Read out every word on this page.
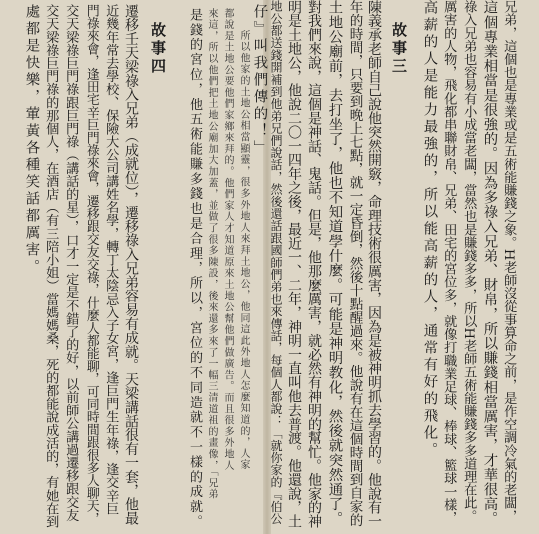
兄弟，這個也是專業或是五術能賺錢之象。H老師沒從事算命之前，是作空調冷氣的老闆，
這個專業相當是很強的。因為多祿入兄弟、財帛，所以賺錢相當厲害，才華很高。
祿入兄弟也容易有小成當老闆，當然也是賺錢多多，所以H老師五術能賺錢多多道理在此。
厲害的人物，飛化都串聯財帛、兄弟、田宅的宮位多，就像打職業足球、棒球、籃球一樣，
高薪的人是能力最強的，所以能高薪的人，通常有好的飛化。
故事三
陳義承老師自己說他突然開竅，命理技術很厲害，因為是被神明抓去學習的。他說有一
年的時間，只要到晚上七點，就一定昏倒，然後十點醒過來。他說有在這個時間到自家的
土地公廟前，去打坐了，他也不知道學什麼。可能是神明教化，然後就突然通了。
對我們來說，這個是神話、鬼話。但是，他那麼厲害，就必然有神明的幫忙。他家的神
明是土地公，他說二〇一四年之後，最近一、二年，神明一直叫他去普渡。他還說，土
地公都送錢開補到他弟兄們說話，然後還話跟國師們弟也來傳話，每個人都說：「就你家的『伯公
仔』叫我們傳的！」
所以他家的土地公相當顯靈，很多外地人來拜土地公，他同這此外地人怎麼知道的，人家
都說是土地公要他們家鄉來拜的。他們家人才知道原來土地公幫他們做廣告。而且很多外地人
來這，所以他們把土地公廟加大加蓋，並做了很多陳設，後來還多來了一幅三清道祖的畫像，「兄弟
是錢的宮位，他五術能賺多錢也是合理，所以，宮位的不同造就不一樣的成就。
故事四
遷移壬天梁祿入兄弟（成就位），遷移祿入兄弟容易有成就。天梁講話很有一套，他最
近幾年常去學校、保險大公司講姓名學，轉丁太陰忌入子女宮，逢巨門生年祿，逢交辛巨
門祿來會，逢田宅辛巨門祿來會，遷移跟交友交祿，什麼人都能聊，可同時間跟很多人聊天，
交天梁祿巨門祿跟巨門祿（講話的星），口才一定是不錯了的好，以前師公講過遷移跟交友
交天梁祿巨門祿的那個人，在酒店（有三陪小姐）當媽媽桑，死的都能說成活的，有她在到
處都是快樂，葷黃各種笑話都厲害。
